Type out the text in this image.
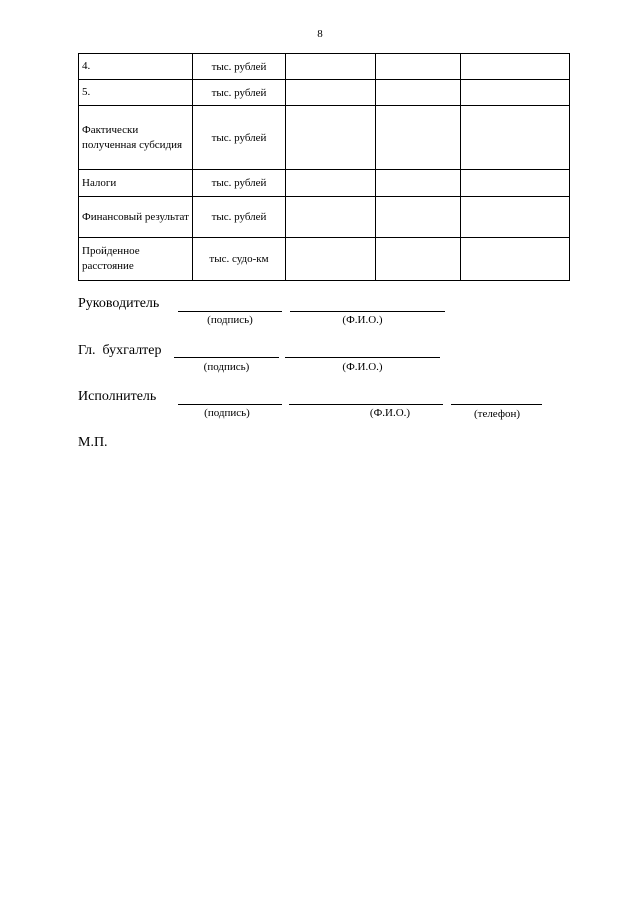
8
4.	тыс. рублей			
5.	тыс. рублей			
Фактически полученная субсидия	тыс. рублей			
Налоги	тыс. рублей			
Финансовый результат	тыс. рублей			
Пройденное расстояние	тыс. судо-км			
Руководитель
(подпись)	(Ф.И.О.)
Гл.  бухгалтер
(подпись)	(Ф.И.О.)
Исполнитель
(подпись)	(Ф.И.О.)	(телефон)
М.П.
